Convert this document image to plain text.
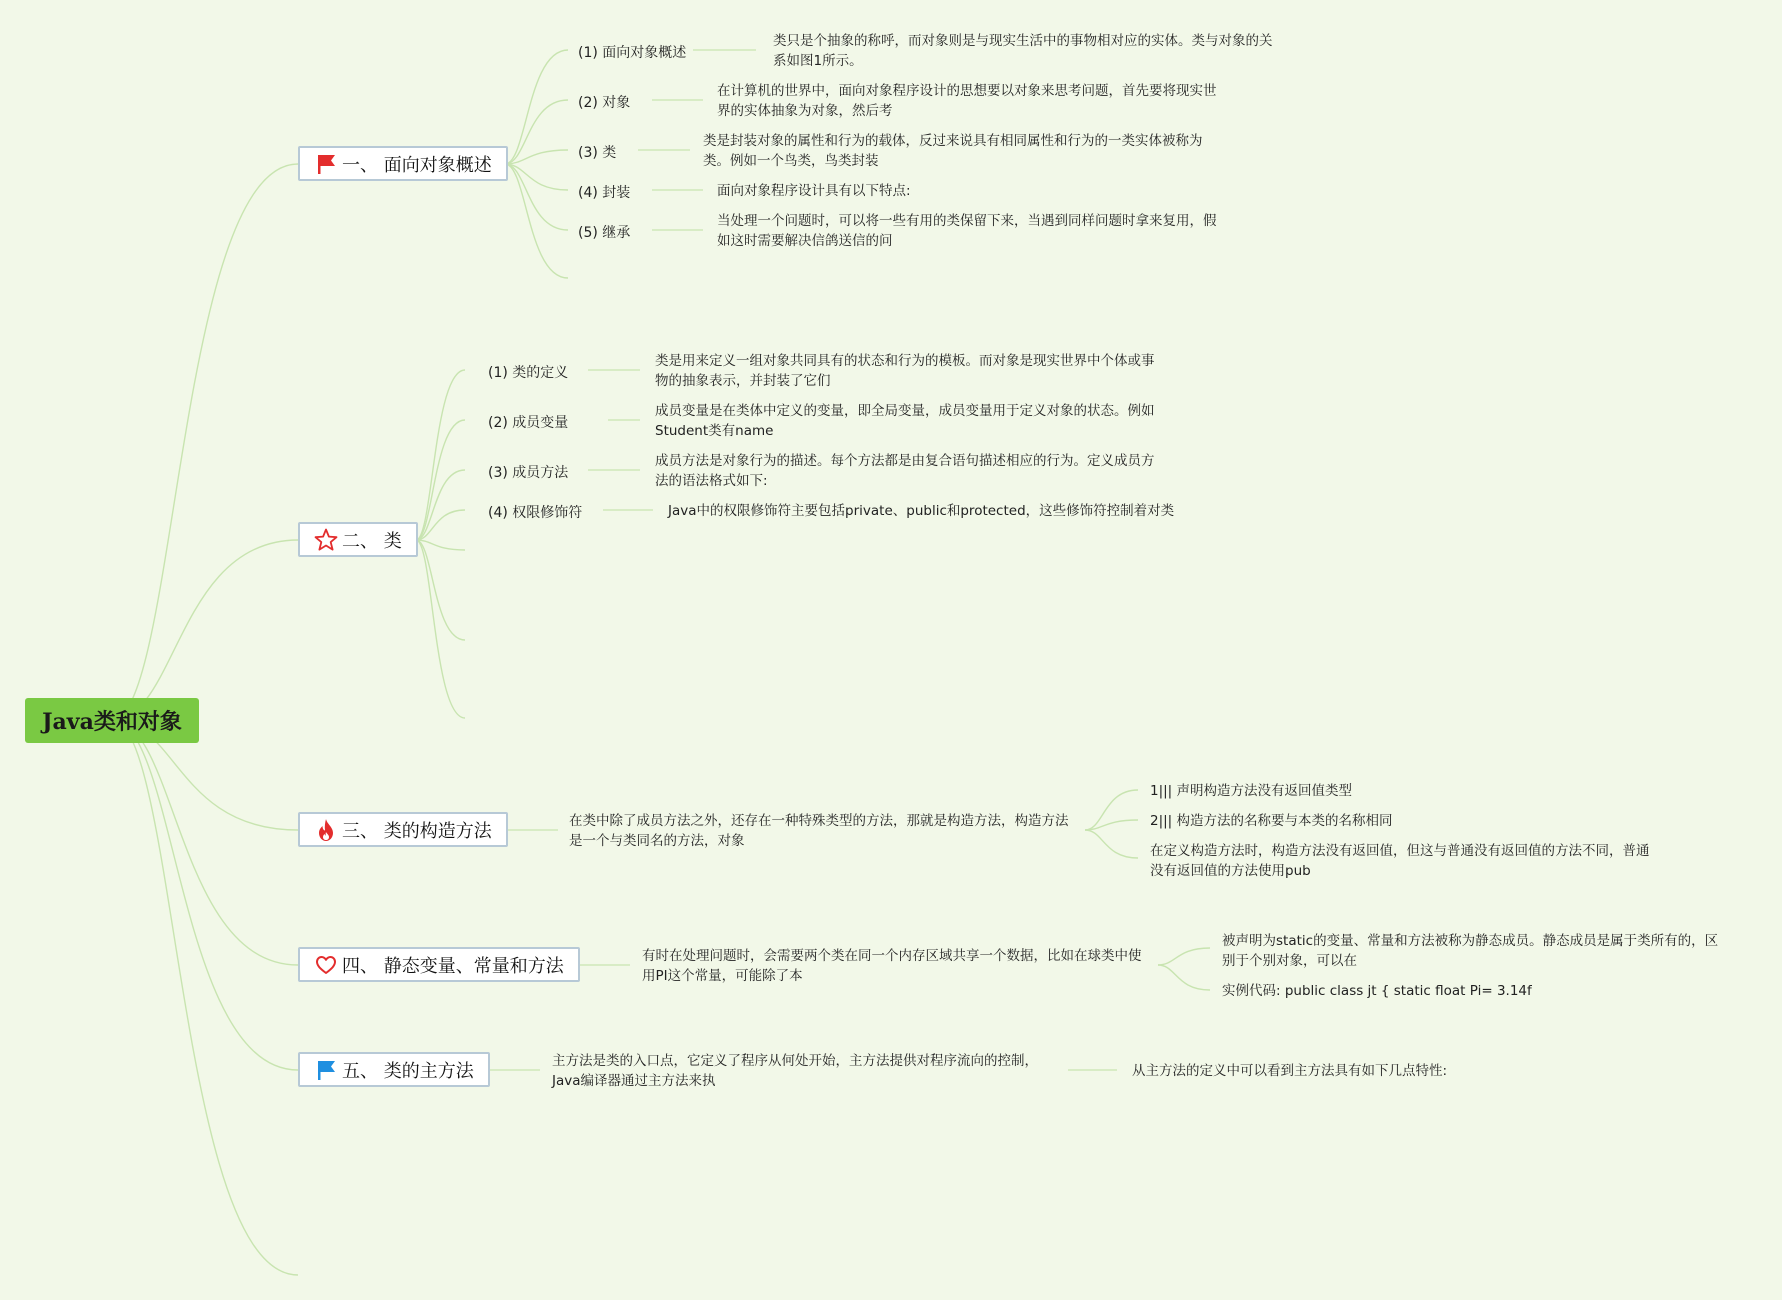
Java类和对象
一、 面向对象概述
(1) 面向对象概述
(2) 对象
(3) 类
(4) 封装
(5) 继承
类只是个抽象的称呼，而对象则是与现实生活中的事物相对应的实体。类与对象的关系如图1所示。
在计算机的世界中，面向对象程序设计的思想要以对象来思考问题，首先要将现实世界的实体抽象为对象，然后考
类是封装对象的属性和行为的载体，反过来说具有相同属性和行为的一类实体被称为类。例如一个鸟类，鸟类封装
面向对象程序设计具有以下特点:
当处理一个问题时，可以将一些有用的类保留下来，当遇到同样问题时拿来复用，假如这时需要解决信鸽送信的问
二、 类
(1) 类的定义
(2) 成员变量
(3) 成员方法
(4) 权限修饰符
类是用来定义一组对象共同具有的状态和行为的模板。而对象是现实世界中个体或事物的抽象表示，并封装了它们
成员变量是在类体中定义的变量，即全局变量，成员变量用于定义对象的状态。例如Student类有name
成员方法是对象行为的描述。每个方法都是由复合语句描述相应的行为。定义成员方法的语法格式如下:
Java中的权限修饰符主要包括private、public和protected，这些修饰符控制着对类
三、 类的构造方法	在类中除了成员方法之外，还存在一种特殊类型的方法，那就是构造方法，构造方法是一个与类同名的方法，对象
1||| 声明构造方法没有返回值类型
2||| 构造方法的名称要与本类的名称相同
在定义构造方法时，构造方法没有返回值，但这与普通没有返回值的方法不同，普通没有返回值的方法使用pub
四、 静态变量、常量和方法	有时在处理问题时，会需要两个类在同一个内存区域共享一个数据，比如在球类中使用PI这个常量，可能除了本
被声明为static的变量、常量和方法被称为静态成员。静态成员是属于类所有的，区别于个别对象，可以在
实例代码: public class jt { static float Pi= 3.14f
五、 类的主方法	主方法是类的入口点，它定义了程序从何处开始，主方法提供对程序流向的控制，Java编译器通过主方法来执
从主方法的定义中可以看到主方法具有如下几点特性:
